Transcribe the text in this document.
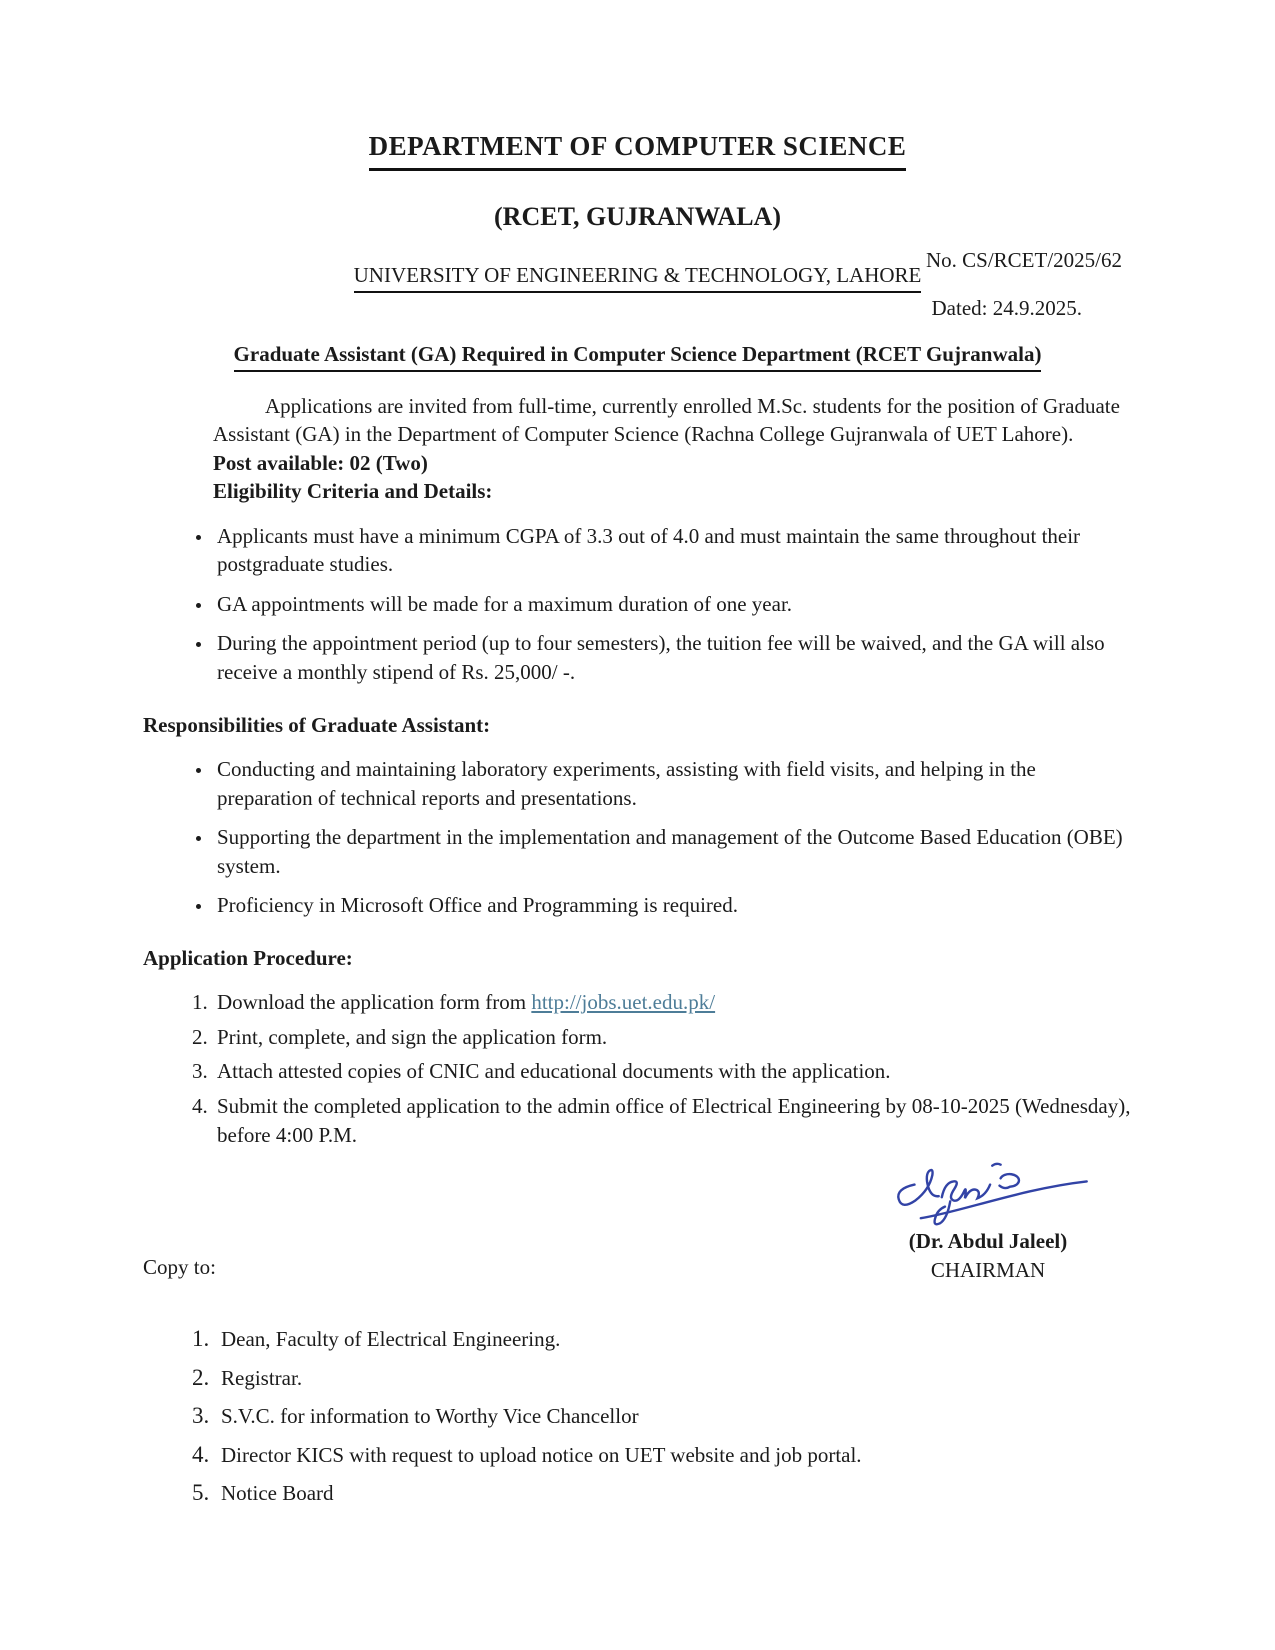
DEPARTMENT OF COMPUTER SCIENCE
(RCET, GUJRANWALA)
No. CS/RCET/2025/62
UNIVERSITY OF ENGINEERING & TECHNOLOGY, LAHORE
Dated: 24.9.2025.
Graduate Assistant (GA) Required in Computer Science Department (RCET Gujranwala)

Applications are invited from full-time, currently enrolled M.Sc. students for the position of Graduate Assistant (GA) in the Department of Computer Science (Rachna College Gujranwala of UET Lahore).

Post available: 02 (Two)

Eligibility Criteria and Details:

• Applicants must have a minimum CGPA of 3.3 out of 4.0 and must maintain the same throughout their postgraduate studies.
• GA appointments will be made for a maximum duration of one year.
• During the appointment period (up to four semesters), the tuition fee will be waived, and the GA will also receive a monthly stipend of Rs. 25,000/ -.
Responsibilities of Graduate Assistant:
• Conducting and maintaining laboratory experiments, assisting with field visits, and helping in the preparation of technical reports and presentations.
• Supporting the department in the implementation and management of the Outcome Based Education (OBE) system.
• Proficiency in Microsoft Office and Programming is required.
Application Procedure:
1. Download the application form from http://jobs.uet.edu.pk/
2. Print, complete, and sign the application form.
3. Attach attested copies of CNIC and educational documents with the application.
4. Submit the completed application to the admin office of Electrical Engineering by 08-10-2025 (Wednesday), before 4:00 P.M.
(Dr. Abdul Jaleel)
CHAIRMAN
Copy to:
1. Dean, Faculty of Electrical Engineering.
2. Registrar.
3. S.V.C. for information to Worthy Vice Chancellor
4. Director KICS with request to upload notice on UET website and job portal.
5. Notice Board
